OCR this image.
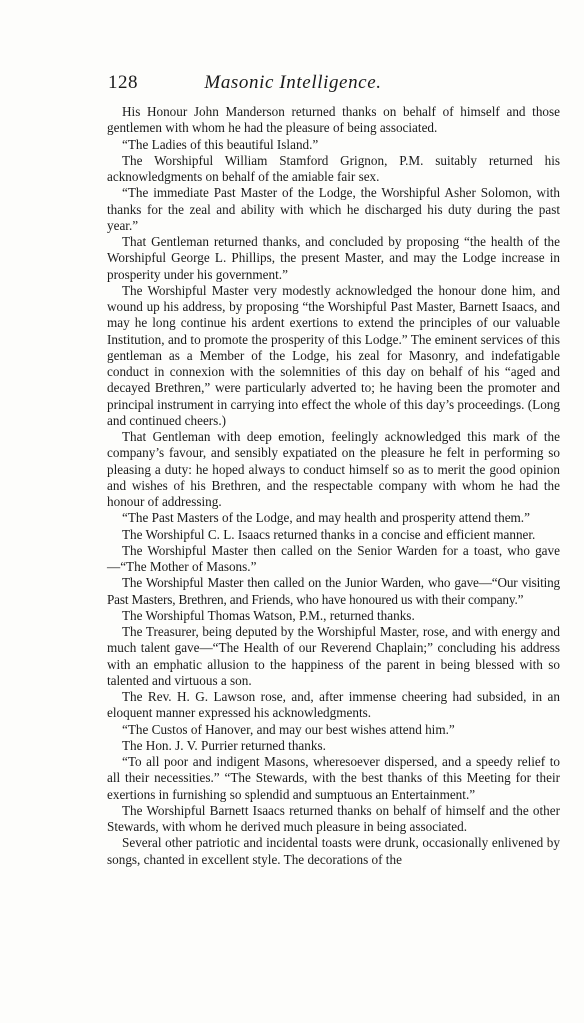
128	Masonic Intelligence.

His Honour John Manderson returned thanks on behalf of himself and those gentlemen with whom he had the pleasure of being associated.

“The Ladies of this beautiful Island.”

The Worshipful William Stamford Grignon, P.M. suitably returned his acknowledgments on behalf of the amiable fair sex.

“The immediate Past Master of the Lodge, the Worshipful Asher Solomon, with thanks for the zeal and ability with which he discharged his duty during the past year.”

That Gentleman returned thanks, and concluded by proposing “the health of the Worshipful George L. Phillips, the present Master, and may the Lodge increase in prosperity under his government.”

The Worshipful Master very modestly acknowledged the honour done him, and wound up his address, by proposing “the Worshipful Past Master, Barnett Isaacs, and may he long continue his ardent exertions to extend the principles of our valuable Institution, and to promote the prosperity of this Lodge.” The eminent services of this gentleman as a Member of the Lodge, his zeal for Masonry, and indefatigable conduct in connexion with the solemnities of this day on behalf of his “aged and decayed Brethren,” were particularly adverted to; he having been the promoter and principal instrument in carrying into effect the whole of this day’s proceedings. (Long and continued cheers.)

That Gentleman with deep emotion, feelingly acknowledged this mark of the company’s favour, and sensibly expatiated on the pleasure he felt in performing so pleasing a duty: he hoped always to conduct himself so as to merit the good opinion and wishes of his Brethren, and the respectable company with whom he had the honour of addressing.

“The Past Masters of the Lodge, and may health and prosperity attend them.”

The Worshipful C. L. Isaacs returned thanks in a concise and efficient manner.

The Worshipful Master then called on the Senior Warden for a toast, who gave—“The Mother of Masons.”

The Worshipful Master then called on the Junior Warden, who gave—“Our visiting Past Masters, Brethren, and Friends, who have honoured us with their company.”

The Worshipful Thomas Watson, P.M., returned thanks.

The Treasurer, being deputed by the Worshipful Master, rose, and with energy and much talent gave—“The Health of our Reverend Chaplain;” concluding his address with an emphatic allusion to the happiness of the parent in being blessed with so talented and virtuous a son.

The Rev. H. G. Lawson rose, and, after immense cheering had subsided, in an eloquent manner expressed his acknowledgments.

“The Custos of Hanover, and may our best wishes attend him.”

The Hon. J. V. Purrier returned thanks.

“To all poor and indigent Masons, wheresoever dispersed, and a speedy relief to all their necessities.” “The Stewards, with the best thanks of this Meeting for their exertions in furnishing so splendid and sumptuous an Entertainment.”

The Worshipful Barnett Isaacs returned thanks on behalf of himself and the other Stewards, with whom he derived much pleasure in being associated.

Several other patriotic and incidental toasts were drunk, occasionally enlivened by songs, chanted in excellent style. The decorations of the
